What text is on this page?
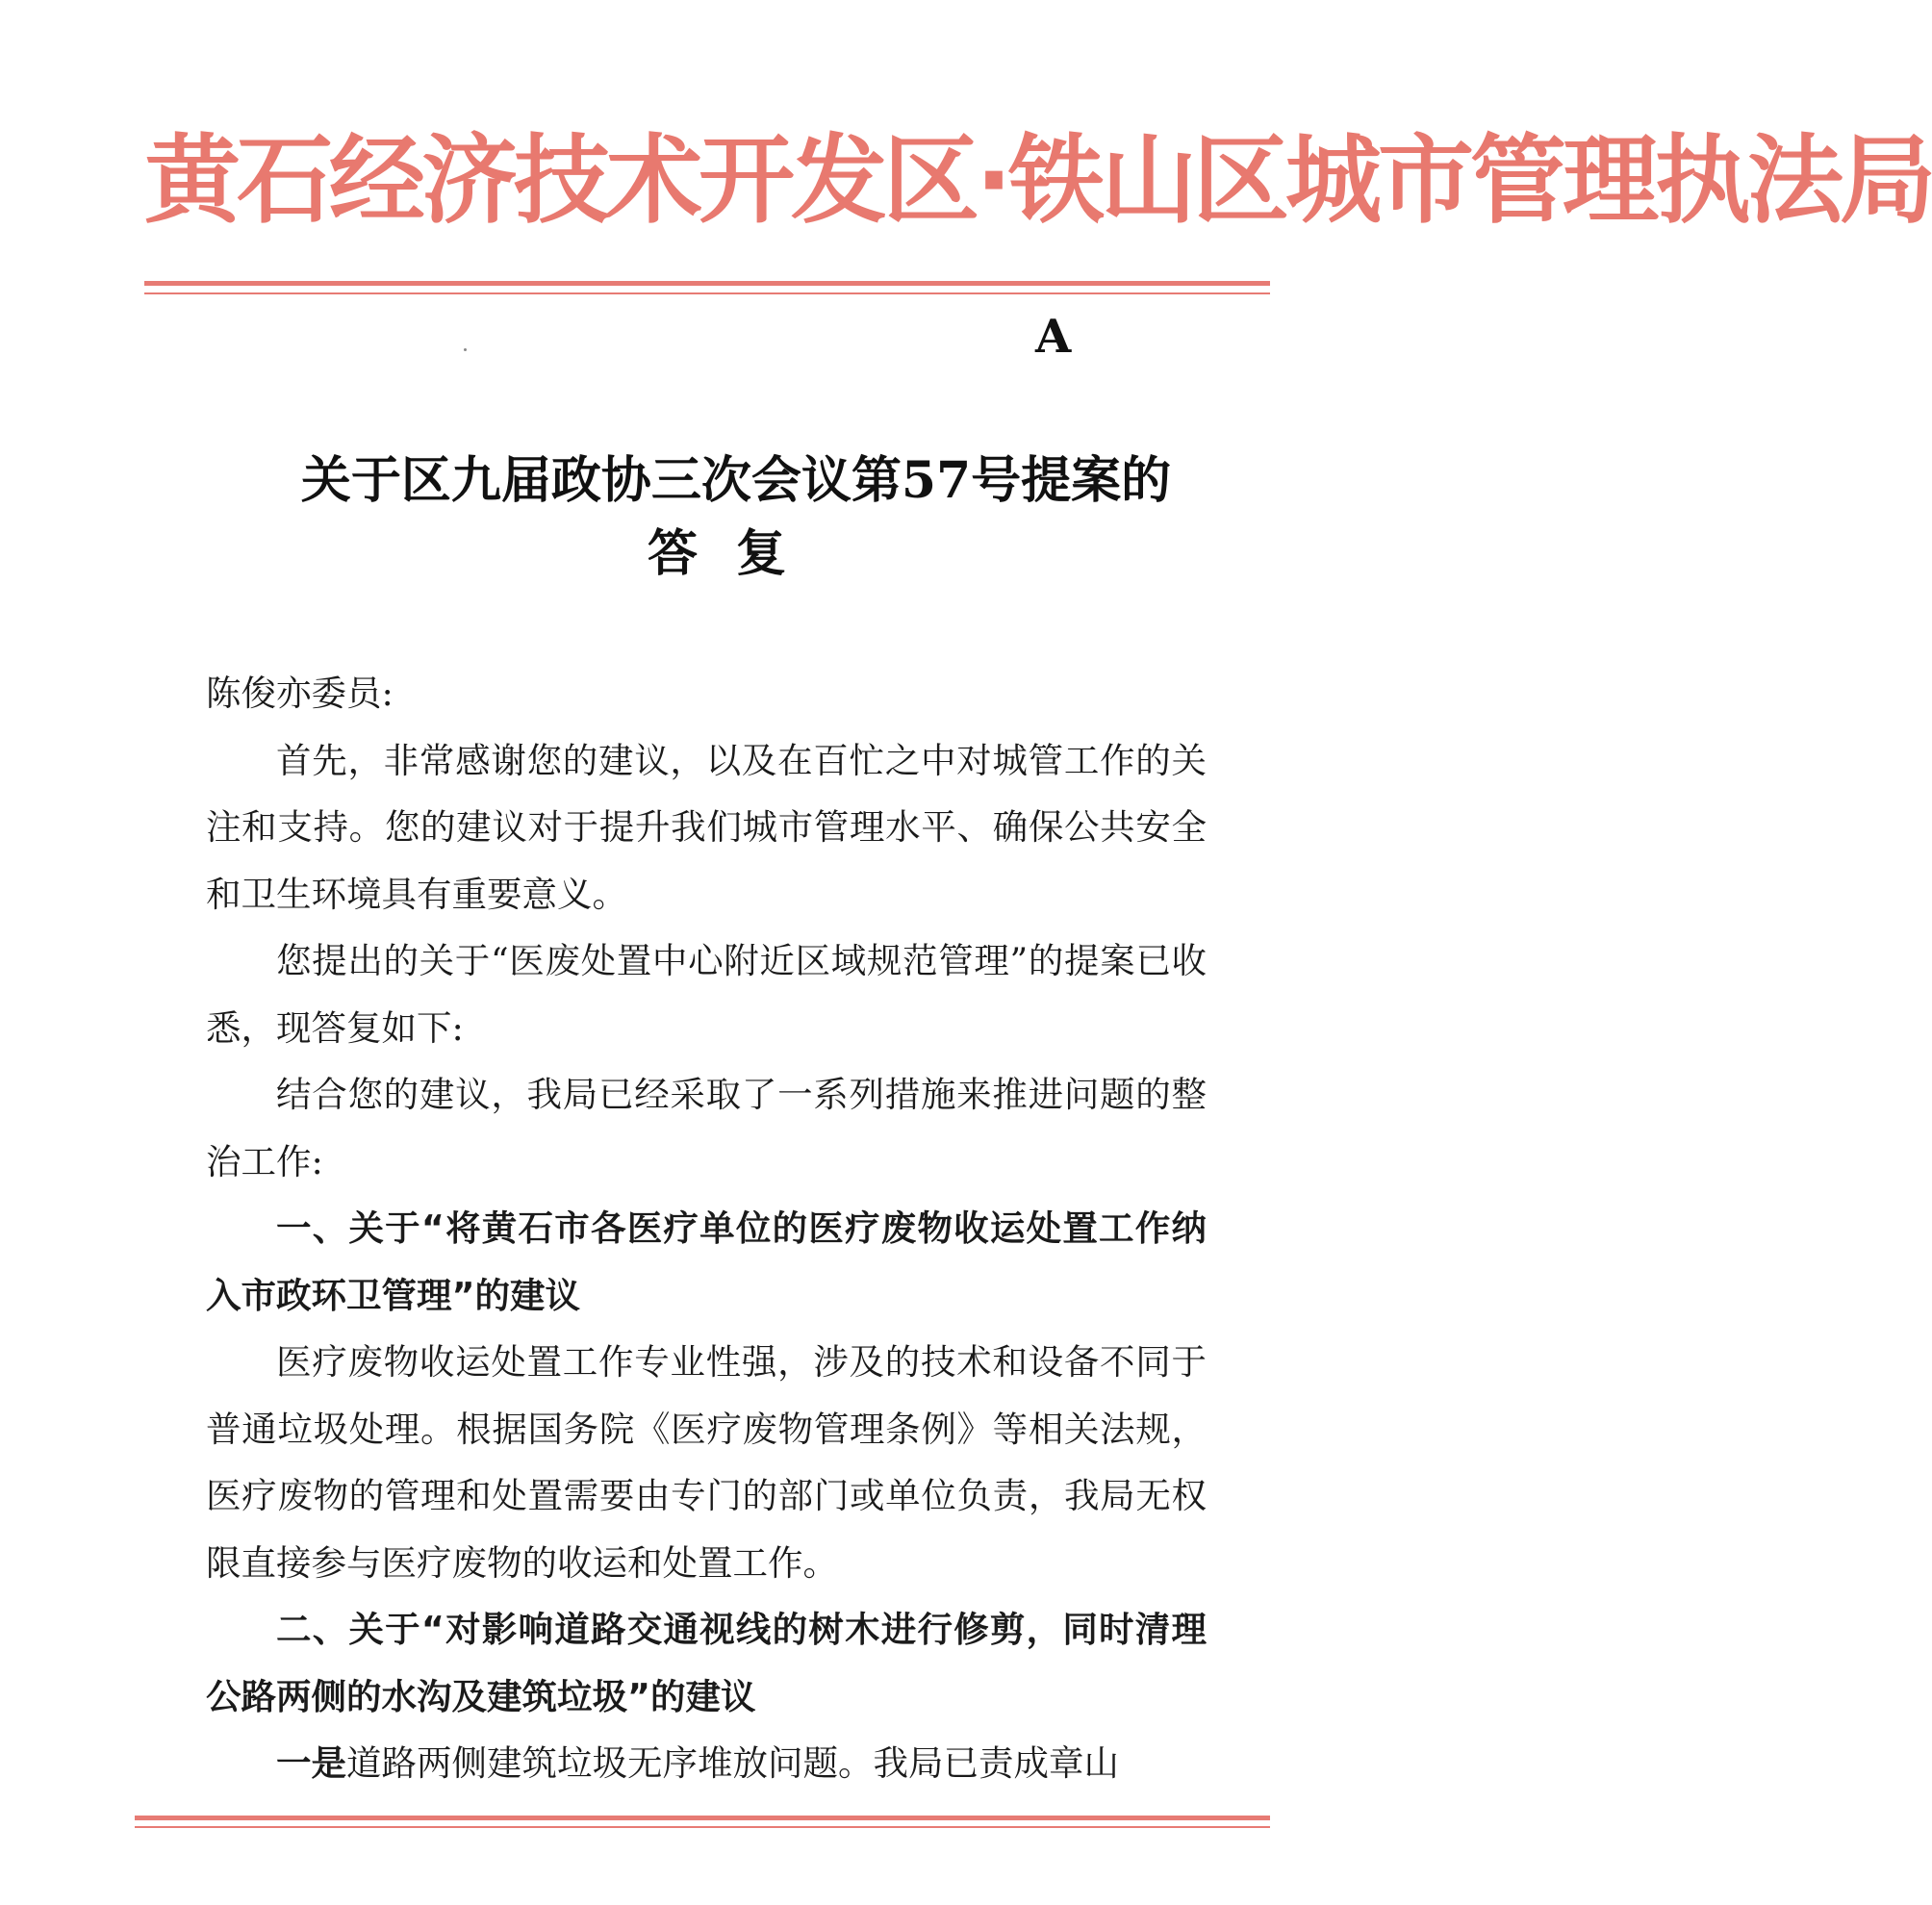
黄石经济技术开发区·铁山区城市管理执法局
A
关于区九届政协三次会议第57号提案的
答复

陈俊亦委员:

首先，非常感谢您的建议，以及在百忙之中对城管工作的关注和支持。您的建议对于提升我们城市管理水平、确保公共安全和卫生环境具有重要意义。

您提出的关于“医废处置中心附近区域规范管理”的提案已收悉，现答复如下:

结合您的建议，我局已经采取了一系列措施来推进问题的整治工作:

一、关于“将黄石市各医疗单位的医疗废物收运处置工作纳入市政环卫管理”的建议

医疗废物收运处置工作专业性强，涉及的技术和设备不同于普通垃圾处理。根据国务院《医疗废物管理条例》等相关法规，医疗废物的管理和处置需要由专门的部门或单位负责，我局无权限直接参与医疗废物的收运和处置工作。

二、关于“对影响道路交通视线的树木进行修剪，同时清理公路两侧的水沟及建筑垃圾”的建议

一是道路两侧建筑垃圾无序堆放问题。我局已责成章山
